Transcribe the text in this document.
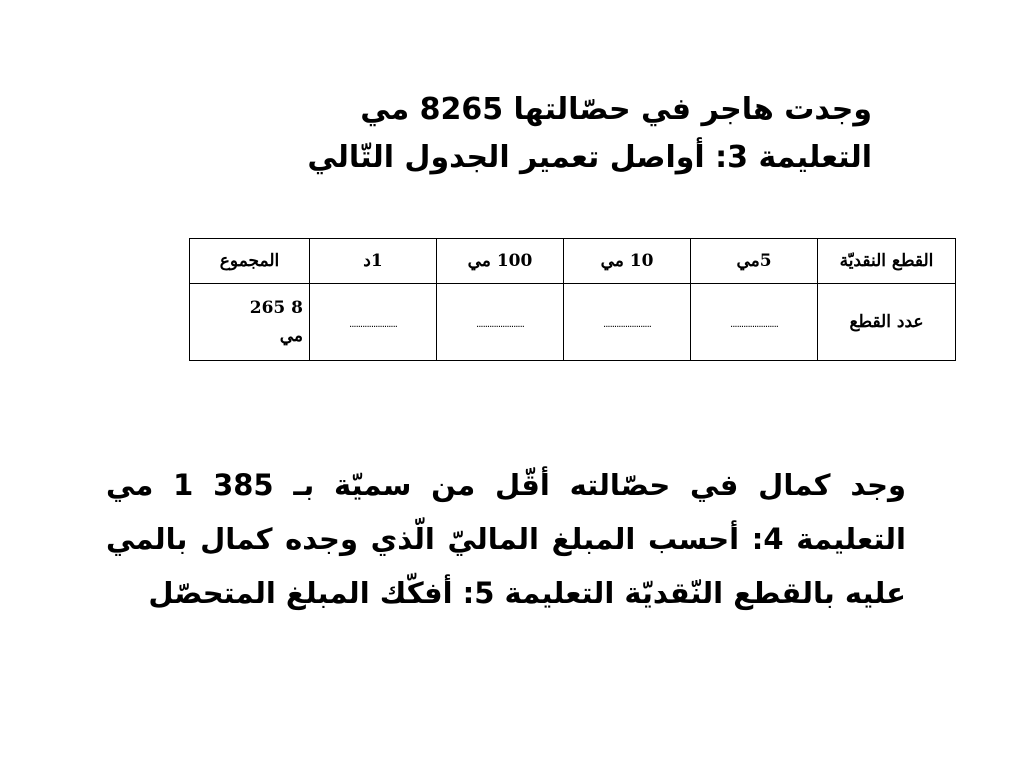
وجدت هاجر في حصّالتها 8265 مي
التعليمة 3: أواصل تعمير الجدول التّالي
القطع النقديّة	5مي	10 مي	100 مي	1د	المجموع
عدد القطع	......................	......................	......................	......................	8 265
مي
وجد كمال في حصّالته أقّل من سميّة بـ 385 1 مي
التعليمة 4: أحسب المبلغ الماليّ الّذي وجده كمال بالمي
عليه بالقطع النّقديّة التعليمة 5: أفكّك المبلغ المتحصّل
